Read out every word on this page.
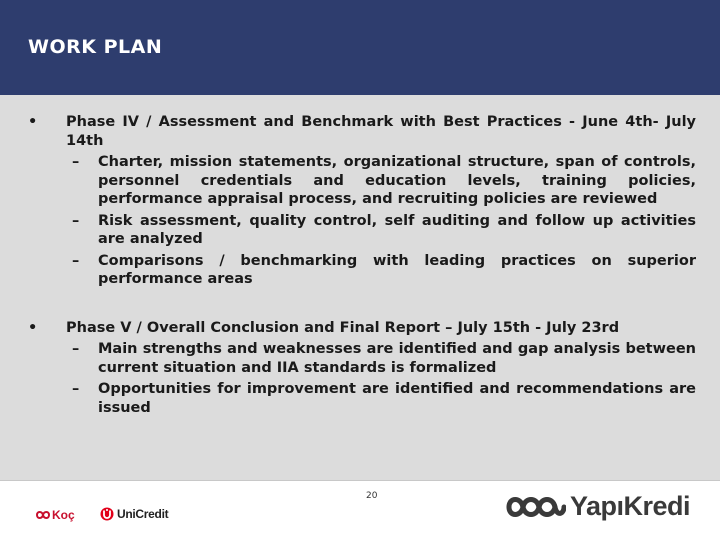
WORK PLAN
• Phase IV / Assessment and Benchmark with Best Practices - June 4th- July 14th
– Charter, mission statements, organizational structure, span of controls, personnel credentials and education levels, training policies, performance appraisal process, and recruiting policies are reviewed
– Risk assessment, quality control, self auditing and follow up activities are analyzed
– Comparisons / benchmarking with leading practices on superior performance areas
• Phase V / Overall Conclusion and Final Report – July 15th - July 23rd
– Main strengths and weaknesses are identified and gap analysis between current situation and IIA standards is formalized
– Opportunities for improvement are identified and recommendations are issued
20
Koç	UniCredit	YapıKredi
